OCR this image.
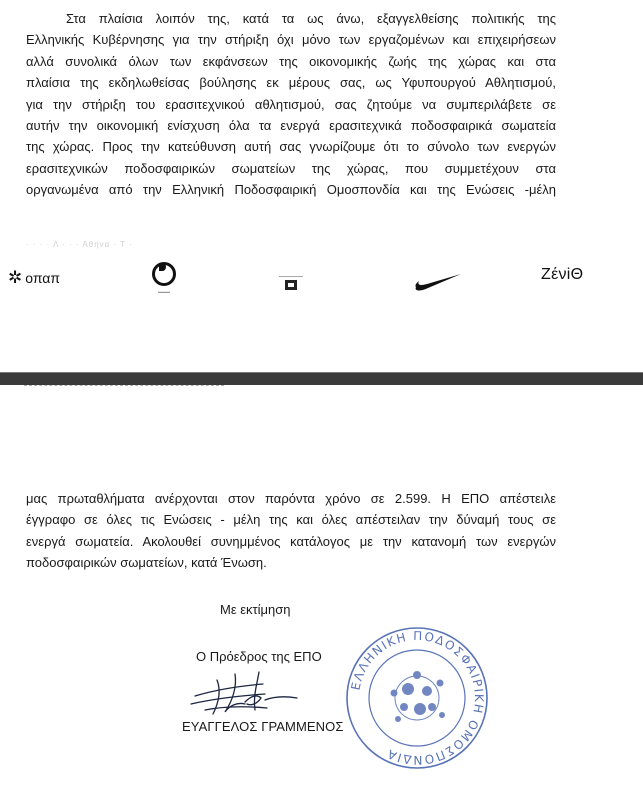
Στα πλαίσια λοιπόν της, κατά τα ως άνω, εξαγγελθείσης πολιτικής της
Ελληνικής Κυβέρνησης για την στήριξη όχι μόνο των εργαζομένων και επιχειρήσεων
αλλά συνολικά όλων των εκφάνσεων της οικονομικής ζωής της χώρας και στα
πλαίσια της εκδηλωθείσας βούλησης εκ μέρους σας, ως Υφυπουργού Αθλητισμού,
για την στήριξη του ερασιτεχνικού αθλητισμού, σας ζητούμε να συμπεριλάβετε σε
αυτήν την οικονομική ενίσχυση όλα τα ενεργά ερασιτεχνικά ποδοσφαιρικά σωματεία
της χώρας. Προς την κατεύθυνση αυτή σας γνωρίζουμε ότι το σύνολο των ενεργών
ερασιτεχνικών ποδοσφαιρικών σωματείων της χώρας, που συμμετέχουν στα
οργανωμένα από την Ελληνική Ποδοσφαιρική Ομοσπονδία και της Ενώσεις -μέλη
· · · · Λ · · · Αθηνα · Τ ·
✲ οπαπ
▬▬▬
ΖένiΘ
μας πρωταθλήματα ανέρχονται στον παρόντα χρόνο σε 2.599. Η ΕΠΟ απέστειλε
έγγραφο σε όλες τις Ενώσεις - μέλη της και όλες απέστειλαν την δύναμή τους σε
ενεργά σωματεία. Ακολουθεί συνημμένος κατάλογος με την κατανομή των ενεργών
ποδοσφαιρικών σωματείων, κατά Ένωση.
Με εκτίμηση
Ο Πρόεδρος της ΕΠΟ
ΕΥΑΓΓΕΛΟΣ ΓΡΑΜΜΕΝΟΣ
ΕΛΛΗΝΙΚΗ ΠΟΔΟΣΦΑΙΡΙΚΗ ΟΜΟΣΠΟΝΔΙΑ
